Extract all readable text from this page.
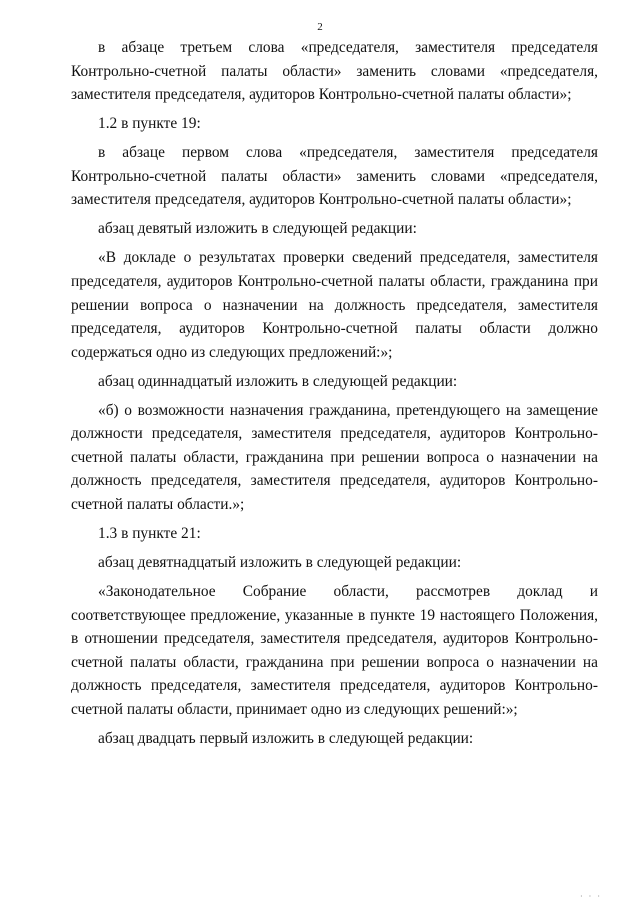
2

в абзаце третьем слова «председателя, заместителя председателя Контрольно-счетной палаты области» заменить словами «председателя, заместителя председателя, аудиторов Контрольно-счетной палаты области»;

1.2 в пункте 19:

в абзаце первом слова «председателя, заместителя председателя Контрольно-счетной палаты области» заменить словами «председателя, заместителя председателя, аудиторов Контрольно-счетной палаты области»;

абзац девятый изложить в следующей редакции:

«В докладе о результатах проверки сведений председателя, заместителя председателя, аудиторов Контрольно-счетной палаты области, гражданина при решении вопроса о назначении на должность председателя, заместителя председателя, аудиторов Контрольно-счетной палаты области должно содержаться одно из следующих предложений:»;

абзац одиннадцатый изложить в следующей редакции:

«б) о возможности назначения гражданина, претендующего на замещение должности председателя, заместителя председателя, аудиторов Контрольно-счетной палаты области, гражданина при решении вопроса о назначении на должность председателя, заместителя председателя, аудиторов Контрольно-счетной палаты области.»;

1.3 в пункте 21:

абзац девятнадцатый изложить в следующей редакции:

«Законодательное Собрание области, рассмотрев доклад и соответствующее предложение, указанные в пункте 19 настоящего Положения, в отношении председателя, заместителя председателя, аудиторов Контрольно-счетной палаты области, гражданина при решении вопроса о назначении на должность председателя, заместителя председателя, аудиторов Контрольно-счетной палаты области, принимает одно из следующих решений:»;

абзац двадцать первый изложить в следующей редакции:

· · ·
